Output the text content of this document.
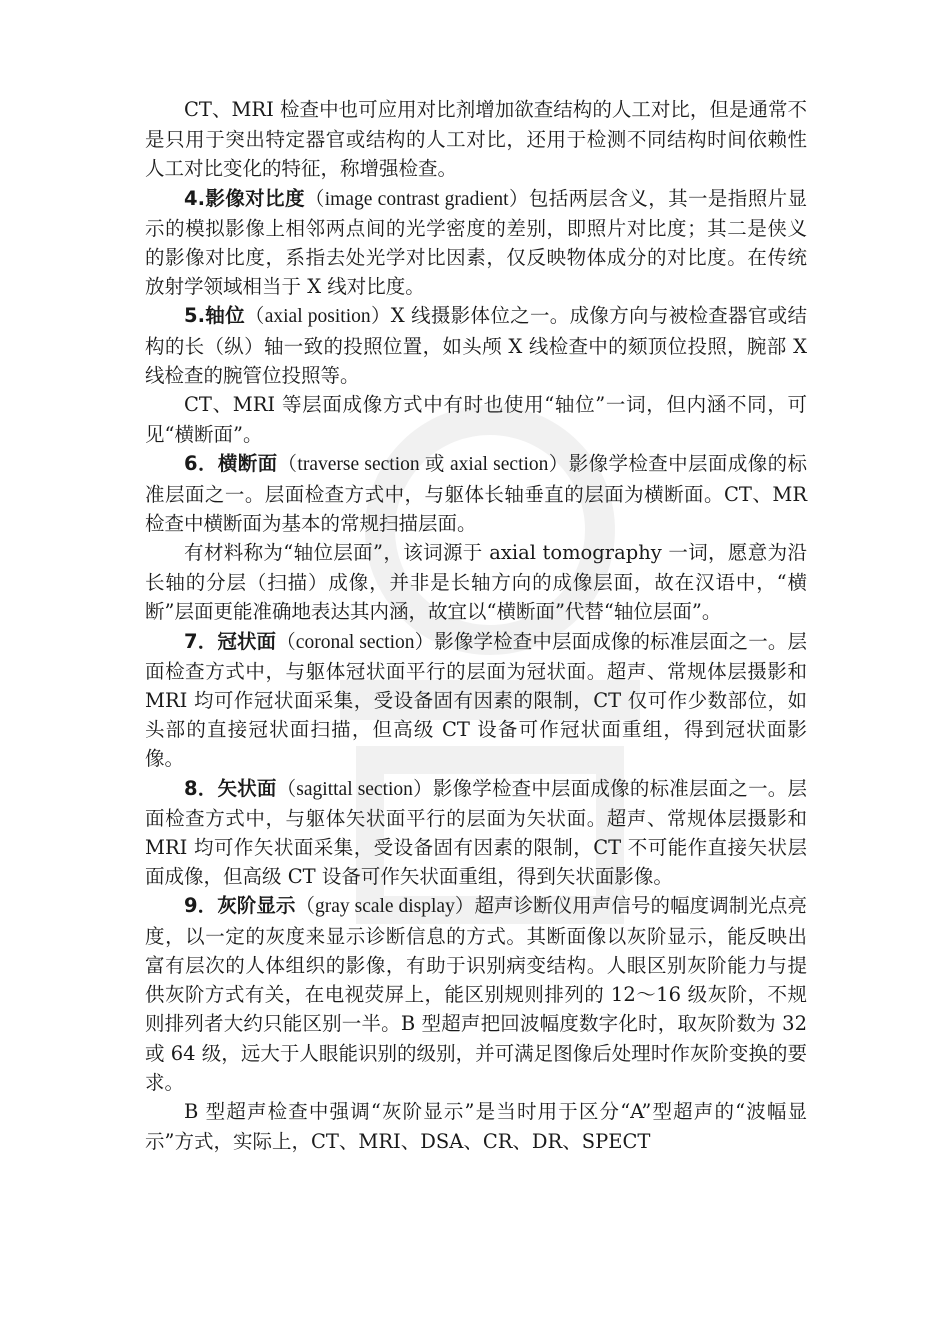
CT、MRI 检查中也可应用对比剂增加欲查结构的人工对比，但是通常不是只用于突出特定器官或结构的人工对比，还用于检测不同结构时间依赖性人工对比变化的特征，称增强检查。

4.影像对比度（image contrast gradient）包括两层含义，其一是指照片显示的模拟影像上相邻两点间的光学密度的差别，即照片对比度；其二是侠义的影像对比度，系指去处光学对比因素，仅反映物体成分的对比度。在传统放射学领域相当于 X 线对比度。

5.轴位（axial position）X 线摄影体位之一。成像方向与被检查器官或结构的长（纵）轴一致的投照位置，如头颅 X 线检查中的颏顶位投照，腕部 X 线检查的腕管位投照等。

CT、MRI 等层面成像方式中有时也使用“轴位”一词，但内涵不同，可见“横断面”。

6．横断面（traverse section 或 axial section）影像学检查中层面成像的标准层面之一。层面检查方式中，与躯体长轴垂直的层面为横断面。CT、MR 检查中横断面为基本的常规扫描层面。

有材料称为“轴位层面”，该词源于 axial tomography 一词，愿意为沿长轴的分层（扫描）成像，并非是长轴方向的成像层面，故在汉语中，“横断”层面更能准确地表达其内涵，故宜以“横断面”代替“轴位层面”。

7．冠状面（coronal section）影像学检查中层面成像的标准层面之一。层面检查方式中，与躯体冠状面平行的层面为冠状面。超声、常规体层摄影和 MRI 均可作冠状面采集，受设备固有因素的限制，CT 仅可作少数部位，如头部的直接冠状面扫描，但高级 CT 设备可作冠状面重组，得到冠状面影像。

8．矢状面（sagittal section）影像学检查中层面成像的标准层面之一。层面检查方式中，与躯体矢状面平行的层面为矢状面。超声、常规体层摄影和 MRI 均可作矢状面采集，受设备固有因素的限制，CT 不可能作直接矢状层面成像，但高级 CT 设备可作矢状面重组，得到矢状面影像。

9．灰阶显示（gray scale display）超声诊断仪用声信号的幅度调制光点亮度，以一定的灰度来显示诊断信息的方式。其断面像以灰阶显示，能反映出富有层次的人体组织的影像，有助于识别病变结构。人眼区别灰阶能力与提供灰阶方式有关，在电视荧屏上，能区别规则排列的 12～16 级灰阶，不规则排列者大约只能区别一半。B 型超声把回波幅度数字化时，取灰阶数为 32 或 64 级，远大于人眼能识别的级别，并可满足图像后处理时作灰阶变换的要求。

B 型超声检查中强调“灰阶显示”是当时用于区分“A”型超声的“波幅显示”方式，实际上，CT、MRI、DSA、CR、DR、SPECT
